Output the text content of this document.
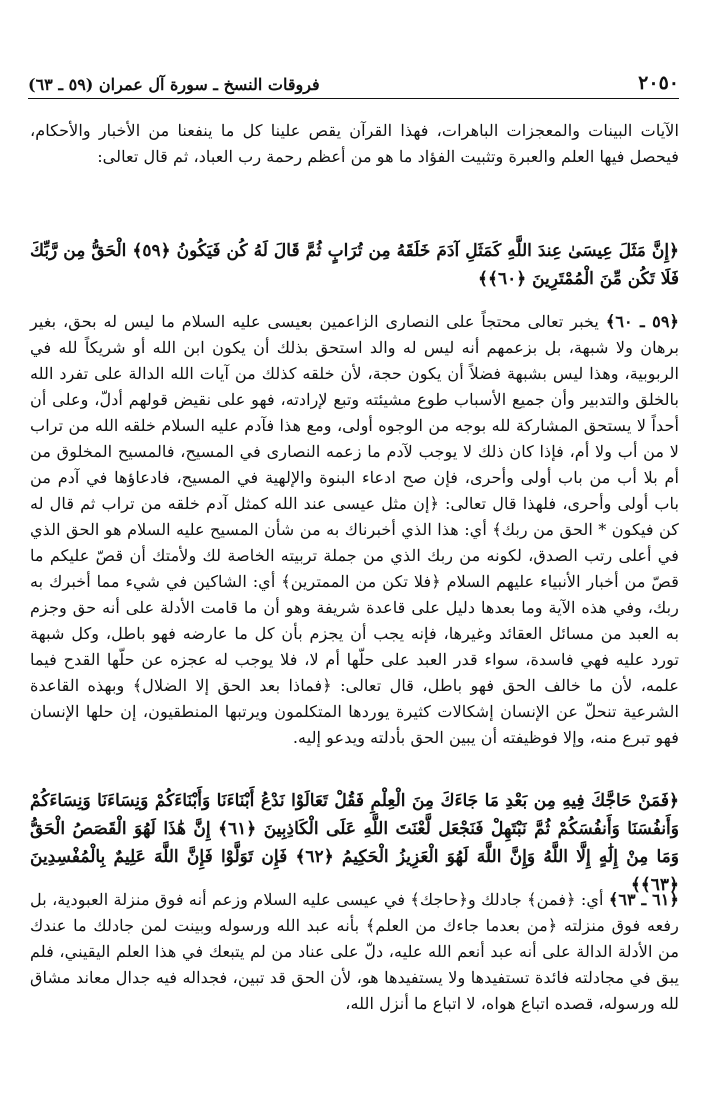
٢٠٥٠
فروقات النسخ ـ سورة آل عمران (٥٩ ـ ٦٣)

الآيات البينات والمعجزات الباهرات، فهذا القرآن يقص علينا كل ما ينفعنا من الأخبار والأحكام، فيحصل فيها العلم والعبرة وتثبيت الفؤاد ما هو من أعظم رحمة رب العباد، ثم قال تعالى:

﴿إِنَّ مَثَلَ عِيسَىٰ عِندَ اللَّهِ كَمَثَلِ آدَمَ خَلَقَهُ مِن تُرَابٍ ثُمَّ قَالَ لَهُ كُن فَيَكُونُ ﴿٥٩﴾ الْحَقُّ مِن رَّبِّكَ فَلَا تَكُن مِّنَ الْمُمْتَرِينَ ﴿٦٠﴾﴾

﴿٥٩ ـ ٦٠﴾ يخبر تعالى محتجاً على النصارى الزاعمين بعيسى عليه السلام ما ليس له بحق، بغير برهان ولا شبهة، بل بزعمهم أنه ليس له والد استحق بذلك أن يكون ابن الله أو شريكاً لله في الربوبية، وهذا ليس بشبهة فضلاً أن يكون حجة، لأن خلقه كذلك من آيات الله الدالة على تفرد الله بالخلق والتدبير وأن جميع الأسباب طوع مشيئته وتبع لإرادته، فهو على نقيض قولهم أدلّ، وعلى أن أحداً لا يستحق المشاركة لله بوجه من الوجوه أولى، ومع هذا فآدم عليه السلام خلقه الله من تراب لا من أب ولا أم، فإذا كان ذلك لا يوجب لآدم ما زعمه النصارى في المسيح، فالمسيح المخلوق من أم بلا أب من باب أولى وأحرى، فإن صح ادعاء البنوة والإلهية في المسيح، فادعاؤها في آدم من باب أولى وأحرى، فلهذا قال تعالى: ﴿إن مثل عيسى عند الله كمثل آدم خلقه من تراب ثم قال له كن فيكون * الحق من ربك﴾ أي: هذا الذي أخبرناك به من شأن المسيح عليه السلام هو الحق الذي في أعلى رتب الصدق، لكونه من ربك الذي من جملة تربيته الخاصة لك ولأمتك أن قصّ عليكم ما قصّ من أخبار الأنبياء عليهم السلام ﴿فلا تكن من الممترين﴾ أي: الشاكين في شيء مما أخبرك به ربك، وفي هذه الآية وما بعدها دليل على قاعدة شريفة وهو أن ما قامت الأدلة على أنه حق وجزم به العبد من مسائل العقائد وغيرها، فإنه يجب أن يجزم بأن كل ما عارضه فهو باطل، وكل شبهة تورد عليه فهي فاسدة، سواء قدر العبد على حلّها أم لا، فلا يوجب له عجزه عن حلّها القدح فيما علمه، لأن ما خالف الحق فهو باطل، قال تعالى: ﴿فماذا بعد الحق إلا الضلال﴾ وبهذه القاعدة الشرعية تنحلّ عن الإنسان إشكالات كثيرة يوردها المتكلمون ويرتبها المنطقيون، إن حلها الإنسان فهو تبرع منه، وإلا فوظيفته أن يبين الحق بأدلته ويدعو إليه.

﴿فَمَنْ حَاجَّكَ فِيهِ مِن بَعْدِ مَا جَاءَكَ مِنَ الْعِلْمِ فَقُلْ تَعَالَوْا نَدْعُ أَبْنَاءَنَا وَأَبْنَاءَكُمْ وَنِسَاءَنَا وَنِسَاءَكُمْ وَأَنفُسَنَا وَأَنفُسَكُمْ ثُمَّ نَبْتَهِلْ فَنَجْعَل لَّعْنَتَ اللَّهِ عَلَى الْكَاذِبِينَ ﴿٦١﴾ إِنَّ هَٰذَا لَهُوَ الْقَصَصُ الْحَقُّ وَمَا مِنْ إِلَٰهٍ إِلَّا اللَّهُ وَإِنَّ اللَّهَ لَهُوَ الْعَزِيزُ الْحَكِيمُ ﴿٦٢﴾ فَإِن تَوَلَّوْا فَإِنَّ اللَّهَ عَلِيمٌ بِالْمُفْسِدِينَ ﴿٦٣﴾﴾

﴿٦١ ـ ٦٣﴾ أي: ﴿فمن﴾ جادلك و﴿حاجك﴾ في عيسى عليه السلام وزعم أنه فوق منزلة العبودية، بل رفعه فوق منزلته ﴿من بعدما جاءك من العلم﴾ بأنه عبد الله ورسوله وبينت لمن جادلك ما عندك من الأدلة الدالة على أنه عبد أنعم الله عليه، دلّ على عناد من لم يتبعك في هذا العلم اليقيني، فلم يبق في مجادلته فائدة تستفيدها ولا يستفيدها هو، لأن الحق قد تبين، فجداله فيه جدال معاند مشاق لله ورسوله، قصده اتباع هواه، لا اتباع ما أنزل الله،
